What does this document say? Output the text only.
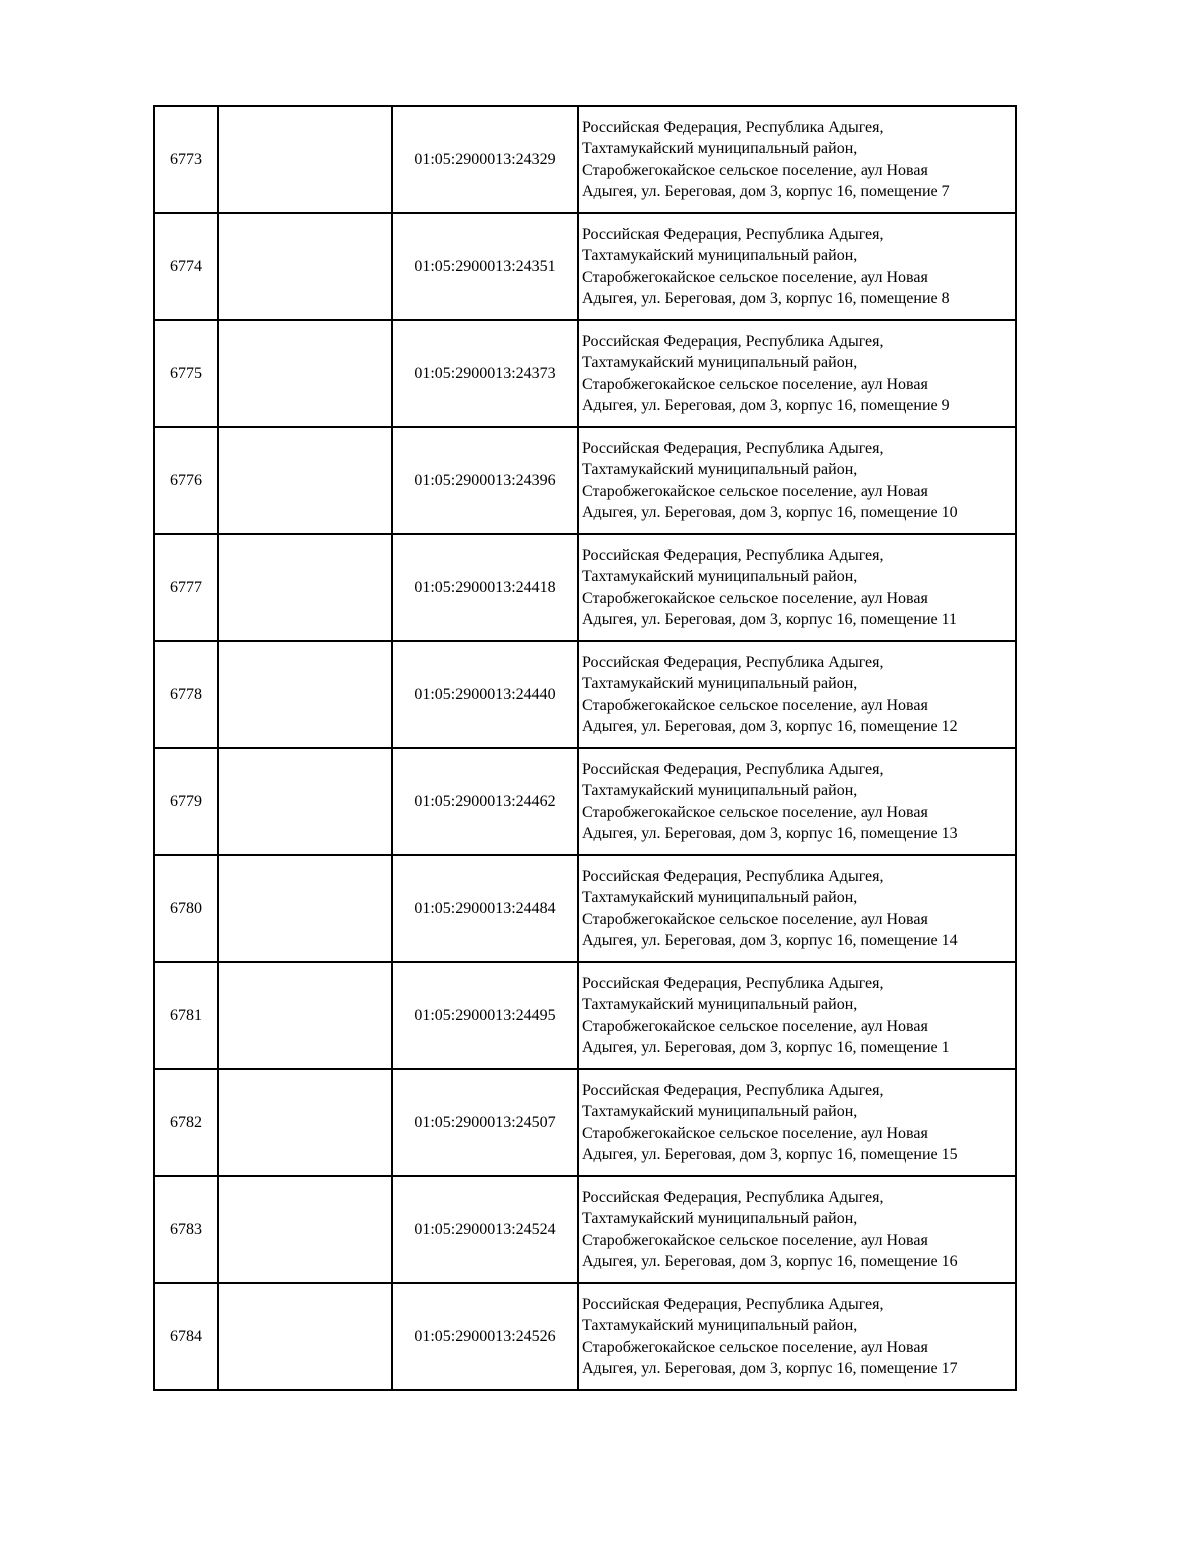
6773		01:05:2900013:24329	Российская Федерация, Республика Адыгея,
Тахтамукайский муниципальный район,
Старобжегокайское сельское поселение, аул Новая
Адыгея, ул. Береговая, дом 3, корпус 16, помещение 7
6774		01:05:2900013:24351	Российская Федерация, Республика Адыгея,
Тахтамукайский муниципальный район,
Старобжегокайское сельское поселение, аул Новая
Адыгея, ул. Береговая, дом 3, корпус 16, помещение 8
6775		01:05:2900013:24373	Российская Федерация, Республика Адыгея,
Тахтамукайский муниципальный район,
Старобжегокайское сельское поселение, аул Новая
Адыгея, ул. Береговая, дом 3, корпус 16, помещение 9
6776		01:05:2900013:24396	Российская Федерация, Республика Адыгея,
Тахтамукайский муниципальный район,
Старобжегокайское сельское поселение, аул Новая
Адыгея, ул. Береговая, дом 3, корпус 16, помещение 10
6777		01:05:2900013:24418	Российская Федерация, Республика Адыгея,
Тахтамукайский муниципальный район,
Старобжегокайское сельское поселение, аул Новая
Адыгея, ул. Береговая, дом 3, корпус 16, помещение 11
6778		01:05:2900013:24440	Российская Федерация, Республика Адыгея,
Тахтамукайский муниципальный район,
Старобжегокайское сельское поселение, аул Новая
Адыгея, ул. Береговая, дом 3, корпус 16, помещение 12
6779		01:05:2900013:24462	Российская Федерация, Республика Адыгея,
Тахтамукайский муниципальный район,
Старобжегокайское сельское поселение, аул Новая
Адыгея, ул. Береговая, дом 3, корпус 16, помещение 13
6780		01:05:2900013:24484	Российская Федерация, Республика Адыгея,
Тахтамукайский муниципальный район,
Старобжегокайское сельское поселение, аул Новая
Адыгея, ул. Береговая, дом 3, корпус 16, помещение 14
6781		01:05:2900013:24495	Российская Федерация, Республика Адыгея,
Тахтамукайский муниципальный район,
Старобжегокайское сельское поселение, аул Новая
Адыгея, ул. Береговая, дом 3, корпус 16, помещение 1
6782		01:05:2900013:24507	Российская Федерация, Республика Адыгея,
Тахтамукайский муниципальный район,
Старобжегокайское сельское поселение, аул Новая
Адыгея, ул. Береговая, дом 3, корпус 16, помещение 15
6783		01:05:2900013:24524	Российская Федерация, Республика Адыгея,
Тахтамукайский муниципальный район,
Старобжегокайское сельское поселение, аул Новая
Адыгея, ул. Береговая, дом 3, корпус 16, помещение 16
6784		01:05:2900013:24526	Российская Федерация, Республика Адыгея,
Тахтамукайский муниципальный район,
Старобжегокайское сельское поселение, аул Новая
Адыгея, ул. Береговая, дом 3, корпус 16, помещение 17
